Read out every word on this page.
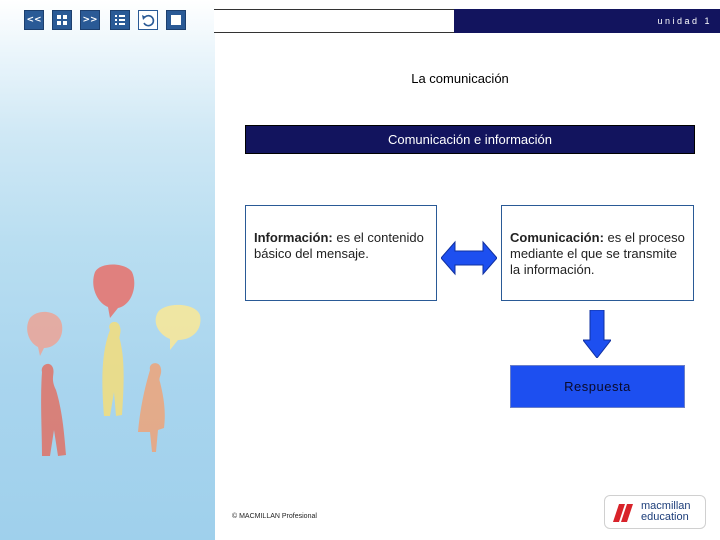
<<	>>	unidad 1
La comunicación
Comunicación e información
Información: es el contenido básico del mensaje.
Comunicación: es el proceso mediante el que se transmite la información.
Respuesta
© MACMILLAN Profesional
macmillan
education
